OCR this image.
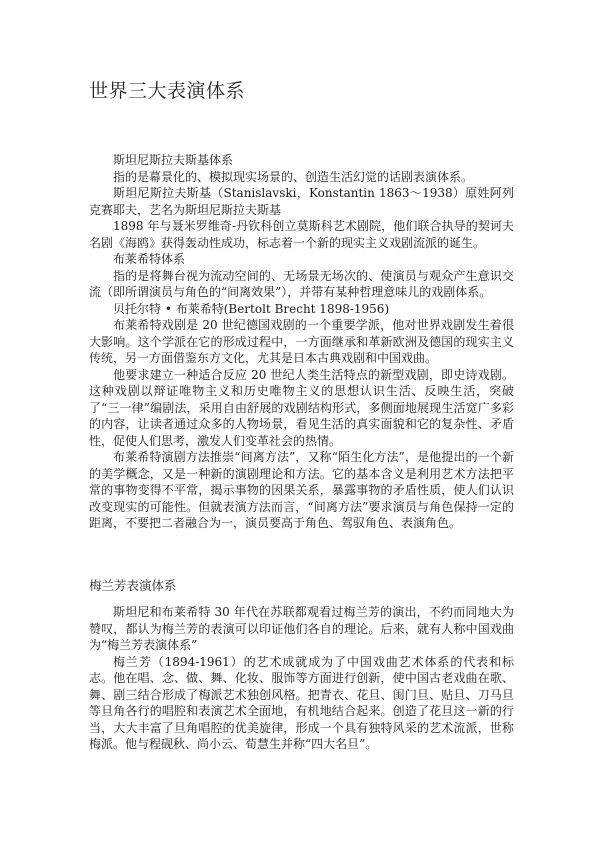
世界三大表演体系

斯坦尼斯拉夫斯基体系

指的是幕景化的、模拟现实场景的、创造生活幻觉的话剧表演体系。

斯坦尼斯拉夫斯基（Stanislavski，Konstantin 1863～1938）原姓阿列克赛耶夫，艺名为斯坦尼斯拉夫斯基

1898 年与聂米罗维奇-丹钦科创立莫斯科艺术剧院，他们联合执导的契诃夫名剧《海鸥》获得轰动性成功，标志着一个新的现实主义戏剧流派的诞生。

布莱希特体系

指的是将舞台视为流动空间的、无场景无场次的、使演员与观众产生意识交流（即所谓演员与角色的“间离效果”），并带有某种哲理意味儿的戏剧体系。

贝托尔特 • 布莱希特(Bertolt Brecht 1898-1956)

布莱希特戏剧是 20 世纪德国戏剧的一个重要学派，他对世界戏剧发生着很大影响。这个学派在它的形成过程中，一方面继承和革新欧洲及德国的现实主义传统，另一方面借鉴东方文化，尤其是日本古典戏剧和中国戏曲。

他要求建立一种适合反应 20 世纪人类生活特点的新型戏剧，即史诗戏剧。这种戏剧以辩证唯物主义和历史唯物主义的思想认识生活、反映生活，突破了“三一律”编剧法，采用自由舒展的戏剧结构形式，多侧面地展现生活宽广多彩的内容，让读者通过众多的人物场景，看见生活的真实面貌和它的复杂性、矛盾性，促使人们思考，激发人们变革社会的热情。

布莱希特演剧方法推崇“间离方法”，又称“陌生化方法”，是他提出的一个新的美学概念，又是一种新的演剧理论和方法。它的基本含义是利用艺术方法把平常的事物变得不平常，揭示事物的因果关系，暴露事物的矛盾性质，使人们认识改变现实的可能性。但就表演方法而言，“间离方法”要求演员与角色保持一定的距离，不要把二者融合为一，演员要高于角色、驾驭角色、表演角色。

梅兰芳表演体系

斯坦尼和布莱希特 30 年代在苏联都观看过梅兰芳的演出，不约而同地大为赞叹，都认为梅兰芳的表演可以印证他们各自的理论。后来，就有人称中国戏曲为“梅兰芳表演体系”

梅兰芳（1894-1961）的艺术成就成为了中国戏曲艺术体系的代表和标志。他在唱、念、做、舞、化妆、服饰等方面进行创新，使中国古老戏曲在歌、舞、剧三结合形成了梅派艺术独创风格。把青衣、花旦、闺门旦、贴旦、刀马旦等旦角各行的唱腔和表演艺术全面地，有机地结合起来。创造了花旦这一新的行当，大大丰富了旦角唱腔的优美旋律，形成一个具有独特风采的艺术流派，世称梅派。他与程砚秋、尚小云、荀慧生并称“四大名旦”。
